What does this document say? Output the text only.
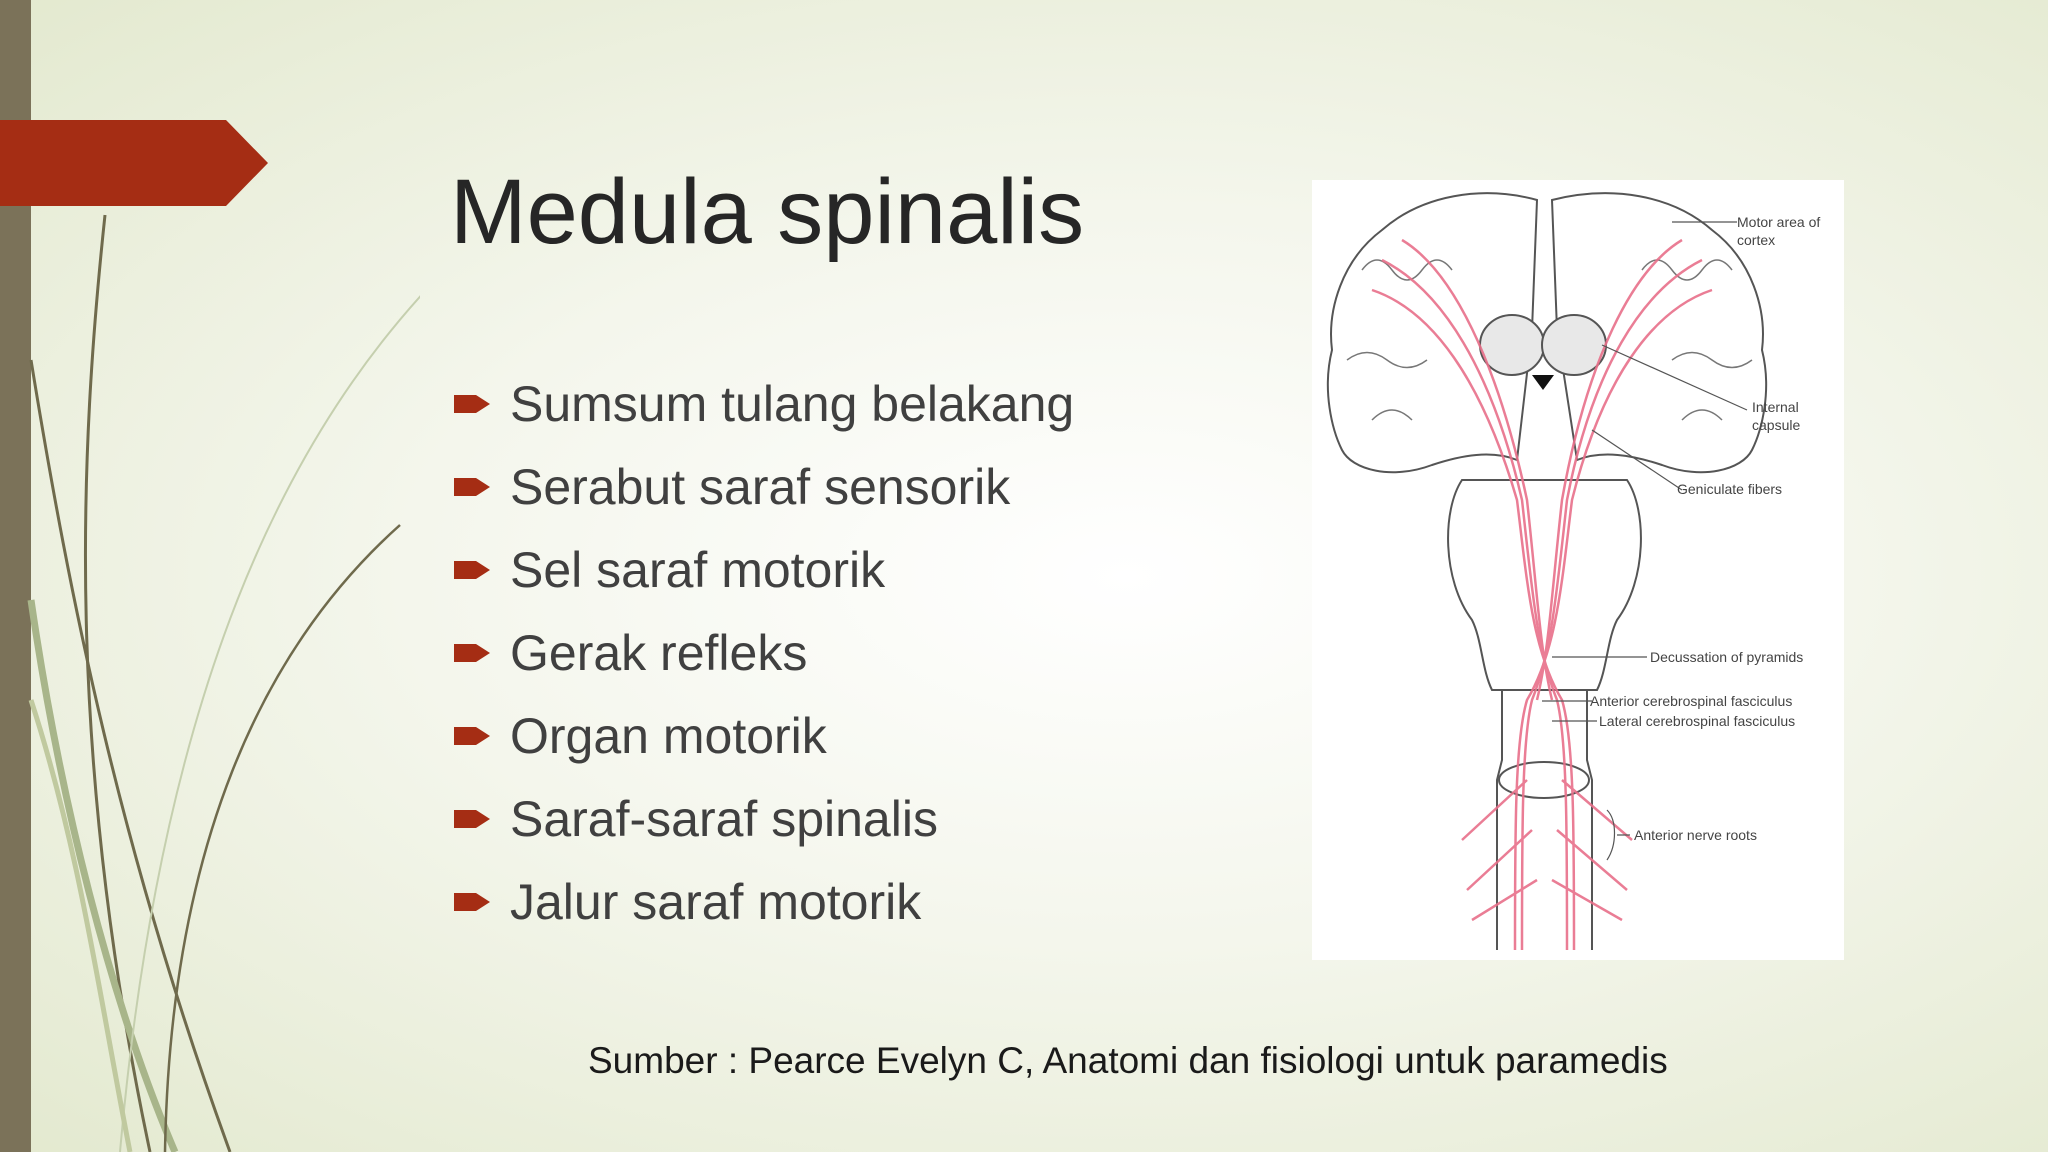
Medula spinalis
Sumsum tulang belakang
Serabut saraf sensorik
Sel saraf motorik
Gerak refleks
Organ motorik
Saraf-saraf spinalis
Jalur saraf motorik
Motor area of
cortex
Internal
capsule
Geniculate fibers
Decussation of pyramids
Anterior cerebrospinal fasciculus
Lateral cerebrospinal fasciculus
Anterior nerve roots
Sumber : Pearce Evelyn C, Anatomi dan fisiologi untuk paramedis
